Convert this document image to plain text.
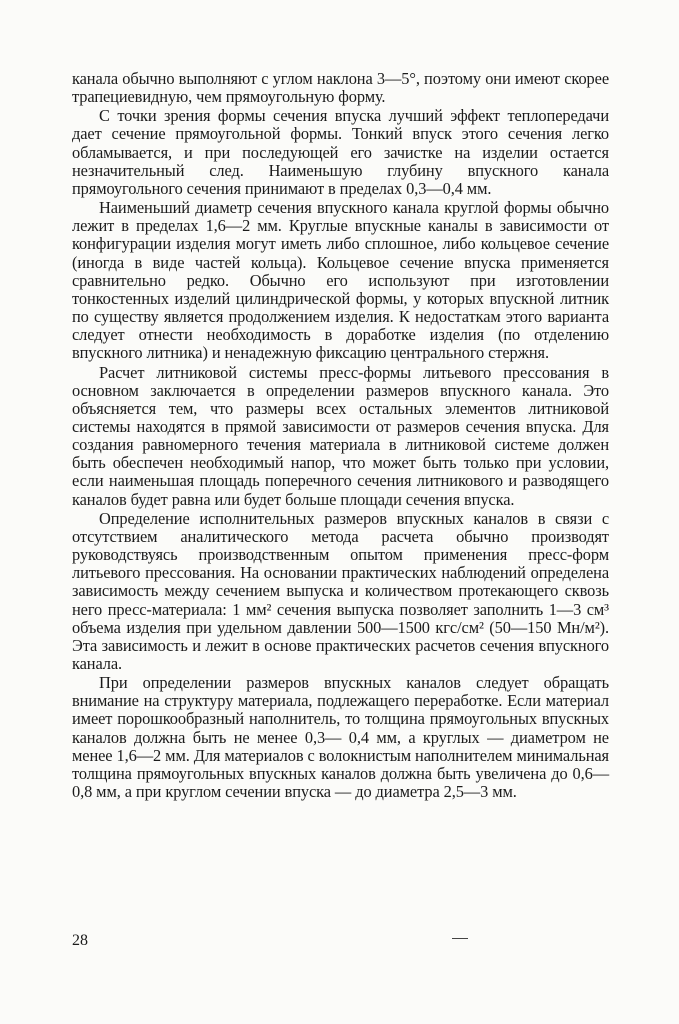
канала обычно выполняют с углом наклона 3—5°, поэтому они имеют скорее трапециевидную, чем прямоугольную форму.

С точки зрения формы сечения впуска лучший эффект теплопередачи дает сечение прямоугольной формы. Тонкий впуск этого сечения легко обламывается, и при последующей его зачистке на изделии остается незначительный след. Наименьшую глубину впускного канала прямоугольного сечения принимают в пределах 0,3—0,4 мм.

Наименьший диаметр сечения впускного канала круглой формы обычно лежит в пределах 1,6—2 мм. Круглые впускные каналы в зависимости от конфигурации изделия могут иметь либо сплошное, либо кольцевое сечение (иногда в виде частей кольца). Кольцевое сечение впуска применяется сравнительно редко. Обычно его используют при изготовлении тонкостенных изделий цилиндрической формы, у которых впускной литник по существу является продолжением изделия. К недостаткам этого варианта следует отнести необходимость в доработке изделия (по отделению впускного литника) и ненадежную фиксацию центрального стержня.

Расчет литниковой системы пресс-формы литьевого прессования в основном заключается в определении размеров впускного канала. Это объясняется тем, что размеры всех остальных элементов литниковой системы находятся в прямой зависимости от размеров сечения впуска. Для создания равномерного течения материала в литниковой системе должен быть обеспечен необходимый напор, что может быть только при условии, если наименьшая площадь поперечного сечения литникового и разводящего каналов будет равна или будет больше площади сечения впуска.

Определение исполнительных размеров впускных каналов в связи с отсутствием аналитического метода расчета обычно производят руководствуясь производственным опытом применения пресс-форм литьевого прессования. На основании практических наблюдений определена зависимость между сечением выпуска и количеством протекающего сквозь него пресс-материала: 1 мм² сечения выпуска позволяет заполнить 1—3 см³ объема изделия при удельном давлении 500—1500 кгс/см² (50—150 Мн/м²). Эта зависимость и лежит в основе практических расчетов сечения впускного канала.

При определении размеров впускных каналов следует обращать внимание на структуру материала, подлежащего переработке. Если материал имеет порошкообразный наполнитель, то толщина прямоугольных впускных каналов должна быть не менее 0,3— 0,4 мм, а круглых — диаметром не менее 1,6—2 мм. Для материалов с волокнистым наполнителем минимальная толщина прямоугольных впускных каналов должна быть увеличена до 0,6—0,8 мм, а при круглом сечении впуска — до диаметра 2,5—3 мм.

28
